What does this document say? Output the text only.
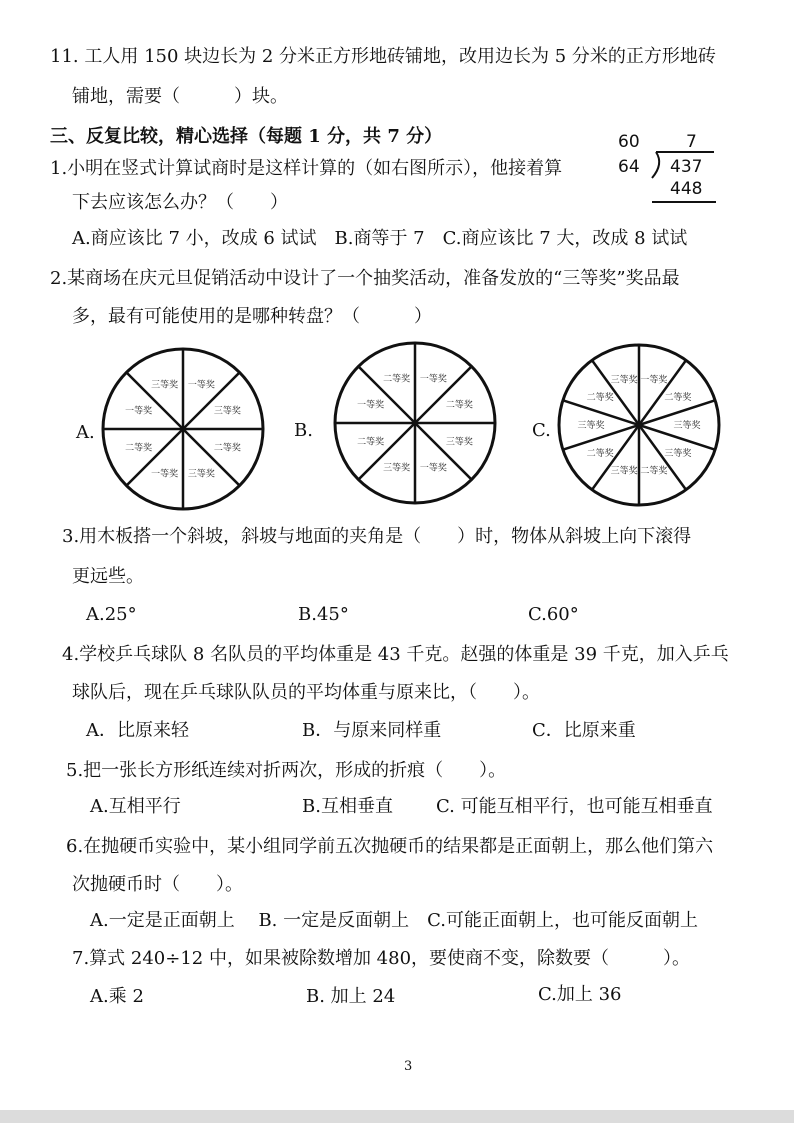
11. 工人用 150 块边长为 2 分米正方形地砖铺地，改用边长为 5 分米的正方形地砖
铺地，需要（　　　）块。
三、反复比较，精心选择（每题 1 分，共 7 分）	60	7
64 437
448
1.小明在竖式计算试商时是这样计算的（如右图所示），他接着算
下去应该怎么办？（　　）
A.商应该比 7 小，改成 6 试试　B.商等于 7　C.商应该比 7 大，改成 8 试试
2.某商场在庆元旦促销活动中设计了一个抽奖活动，准备发放的“三等奖”奖品最
多，最有可能使用的是哪种转盘？（　　　）
A.	B.	C.
一等奖
三等奖
二等奖
三等奖
一等奖
二等奖
一等奖
三等奖
一等奖
二等奖
三等奖
一等奖
三等奖
二等奖
一等奖
二等奖	一等奖
二等奖
三等奖
三等奖
二等奖
三等奖
二等奖
三等奖
二等奖
三等奖
3.用木板搭一个斜坡，斜坡与地面的夹角是（　　）时，物体从斜坡上向下滚得
更远些。
A.25°	B.45°	C.60°
4.学校乒乓球队 8 名队员的平均体重是 43 千克。赵强的体重是 39 千克，加入乒乓
球队后，现在乒乓球队队员的平均体重与原来比，（　　）。
A．比原来轻	B．与原来同样重	C．比原来重
5.把一张长方形纸连续对折两次，形成的折痕（　　）。
A.互相平行	B.互相垂直 C. 可能互相平行，也可能互相垂直
6.在抛硬币实验中，某小组同学前五次抛硬币的结果都是正面朝上，那么他们第六
次抛硬币时（　　）。
A.一定是正面朝上　 B. 一定是反面朝上　C.可能正面朝上，也可能反面朝上
7.算式 240÷12 中，如果被除数增加 480，要使商不变，除数要（　　　）。
A.乘 2	B. 加上 24	C.加上 36
3
